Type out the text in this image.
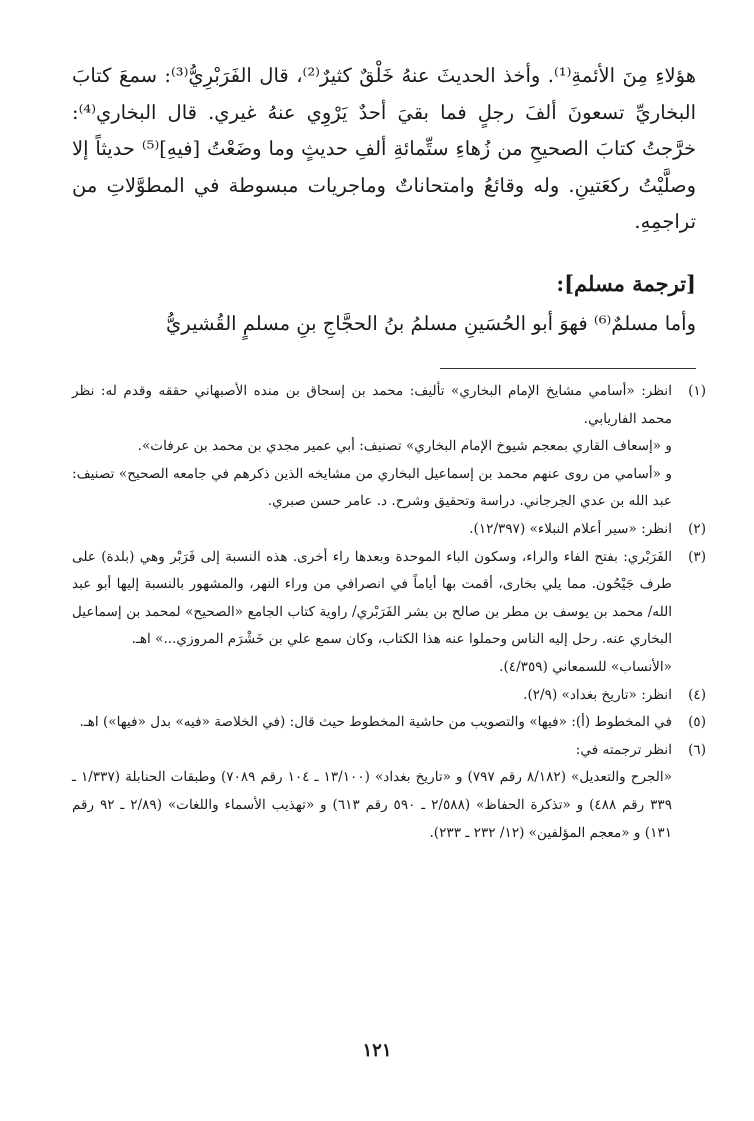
هؤلاءِ مِنَ الأئمةِ⁽¹⁾. وأخذ الحديثَ عنهُ خَلْقٌ كثيرٌ⁽²⁾، قال الفَرَبْرِيُّ⁽³⁾: سمعَ كتابَ البخاريِّ تسعونَ ألفَ رجلٍ فما بقيَ أحدٌ يَرْوِي عنهُ غيري. قال البخاري⁽⁴⁾: خرَّجتُ كتابَ الصحيحِ من زُهاءِ ستِّمائةِ ألفِ حديثٍ وما وضَعْتُ [فيهِ]⁽⁵⁾ حديثاً إلا وصلَّيْتُ ركعَتينِ. وله وقائعُ وامتحاناتٌ وماجريات مبسوطة في المطوَّلاتِ من تراجمِهِ.

[ترجمة مسلم]:
وأما مسلمٌ⁽⁶⁾ فهوَ أبو الحُسَينِ مسلمُ بنُ الحجَّاجِ بنِ مسلمٍ القُشيريُّ
(١)

انظر: «أسامي مشايخ الإمام البخاري» تأليف: محمد بن إسحاق بن منده الأصبهاني حققه وقدم له: نظر محمد الفاريابي.

و «إسعاف القاري بمعجم شيوخ الإمام البخاري» تصنيف: أبي عمير مجدي بن محمد بن عرفات».

و «أسامي من روى عنهم محمد بن إسماعيل البخاري من مشايخه الذين ذكرهم في جامعه الصحيح» تصنيف: عبد الله بن عدي الجرجاني. دراسة وتحقيق وشرح. د. عامر حسن صبري.

(٢)

انظر: «سير أعلام النبلاء» (١٢/٣٩٧).

(٣)

الفَرَبْري: بفتح الفاء والراء، وسكون الباء الموحدة وبعدها راء أخرى. هذه النسبة إلى فَرَبْر وهي (بلدة) على طرف جَيْحُون. مما يلي بخارى، أقمت بها أياماً في انصرافي من وراء النهر، والمشهور بالنسبة إليها أبو عبد الله/ محمد بن يوسف بن مطر بن صالح بن بشر الفَرَبْري/ راوية كتاب الجامع «الصحيح» لمحمد بن إسماعيل البخاري عنه. رحل إليه الناس وحملوا عنه هذا الكتاب، وكان سمع علي بن خَشْرَم المروزي...» اهـ.

«الأنساب» للسمعاني (٤/٣٥٩).

(٤)

انظر: «تاريخ بغداد» (٢/٩).

(٥)

في المخطوط (أ): «فيها» والتصويب من حاشية المخطوط حيث قال: (في الخلاصة «فيه» بدل «فيها») اهـ.

(٦)

انظر ترجمته في:

«الجرح والتعديل» (٨/١٨٢ رقم ٧٩٧) و «تاريخ بغداد» (١٣/١٠٠ ـ ١٠٤ رقم ٧٠٨٩) وطبقات الحنابلة (١/٣٣٧ ـ ٣٣٩ رقم ٤٨٨) و «تذكرة الحفاظ» (٢/٥٨٨ ـ ٥٩٠ رقم ٦١٣) و «تهذيب الأسماء واللغات» (٢/٨٩ ـ ٩٢ رقم ١٣١) و «معجم المؤلفين» (١٢/ ٢٣٢ ـ ٢٣٣).

١٢١
